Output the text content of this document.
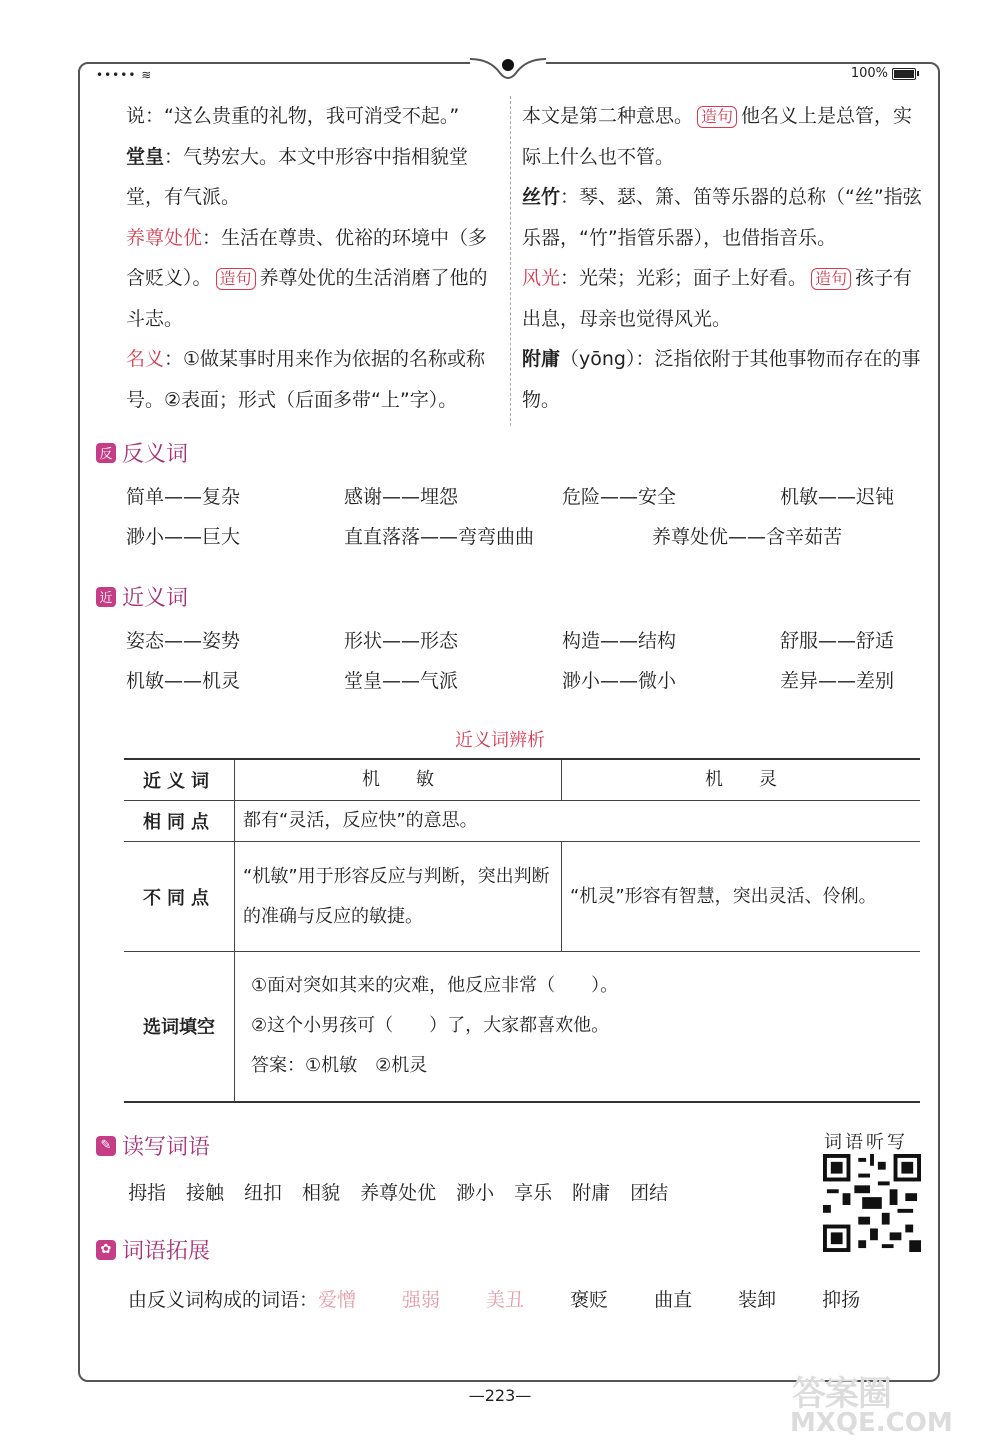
••••• ≋	100%
说：“这么贵重的礼物，我可消受不起。”
堂皇：气势宏大。本文中形容中指相貌堂堂，有气派。
养尊处优：生活在尊贵、优裕的环境中（多含贬义）。 造句 养尊处优的生活消磨了他的斗志。
名义：①做某事时用来作为依据的名称或称号。②表面；形式（后面多带“上”字）。
本文是第二种意思。 造句 他名义上是总管，实际上什么也不管。
丝竹：琴、瑟、箫、笛等乐器的总称（“丝”指弦乐器，“竹”指管乐器），也借指音乐。
风光：光荣；光彩；面子上好看。 造句 孩子有出息，母亲也觉得风光。
附庸（yōng）：泛指依附于其他事物而存在的事物。
反 反义词
简单——复杂	感谢——埋怨	危险——安全	机敏——迟钝
渺小——巨大	直直落落——弯弯曲曲	养尊处优——含辛茹苦
近 近义词
姿态——姿势	形状——形态	构造——结构	舒服——舒适
机敏——机灵	堂皇——气派	渺小——微小	差异——差别
近义词辨析
近义词	机　　敏	机　　灵
相同点	都有“灵活，反应快”的意思。	
不同点	“机敏”用于形容反应与判断，突出判断的准确与反应的敏捷。	“机灵”形容有智慧，突出灵活、伶俐。
选词填空	①面对突如其来的灾难，他反应非常（　　）。
②这个小男孩可（　　）了，大家都喜欢他。
答案：①机敏　②机灵	
✎ 读写词语
拇指 接触 纽扣 相貌 养尊处优 渺小 享乐 附庸 团结
✿ 词语拓展
由反义词构成的词语： 爱憎 强弱 美丑 褒贬 曲直 装卸 抑扬
词语听写
—223—	答案圈
MXQE.COM
